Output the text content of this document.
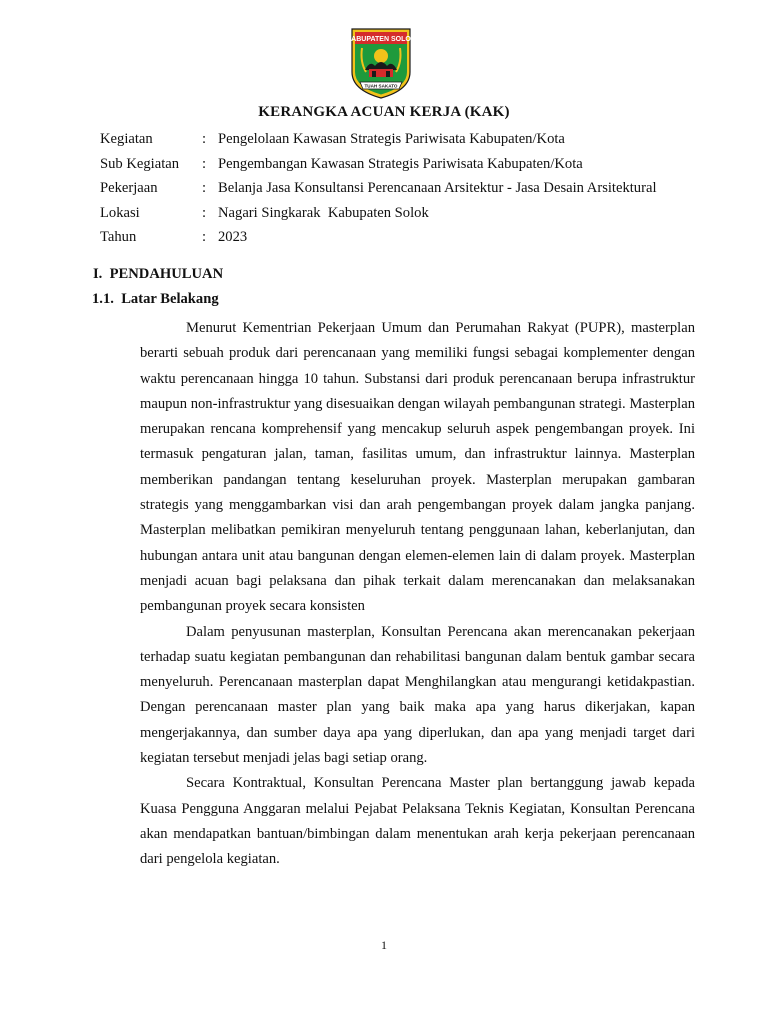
KABUPATEN SOLOK
TUAH SAKATO
KERANGKA ACUAN KERJA (KAK)
Kegiatan	: Pengelolaan Kawasan Strategis Pariwisata Kabupaten/Kota
Sub Kegiatan : Pengembangan Kawasan Strategis Pariwisata Kabupaten/Kota
Pekerjaan	: Belanja Jasa Konsultansi Perencanaan Arsitektur - Jasa Desain Arsitektural
Lokasi	: Nagari Singkarak  Kabupaten Solok
Tahun	: 2023
I.  PENDAHULUAN
1.1.  Latar Belakang

Menurut Kementrian Pekerjaan Umum dan Perumahan Rakyat (PUPR), masterplan berarti sebuah produk dari perencanaan yang memiliki fungsi sebagai komplementer dengan waktu perencanaan hingga 10 tahun. Substansi dari produk perencanaan berupa infrastruktur maupun non-infrastruktur yang disesuaikan dengan wilayah pembangunan strategi. Masterplan merupakan rencana komprehensif yang mencakup seluruh aspek pengembangan proyek. Ini termasuk pengaturan jalan, taman, fasilitas umum, dan infrastruktur lainnya. Masterplan memberikan pandangan tentang keseluruhan proyek. Masterplan merupakan gambaran strategis yang menggambarkan visi dan arah pengembangan proyek dalam jangka panjang. Masterplan melibatkan pemikiran menyeluruh tentang penggunaan lahan, keberlanjutan, dan hubungan antara unit atau bangunan dengan elemen-elemen lain di dalam proyek. Masterplan menjadi acuan bagi pelaksana dan pihak terkait dalam merencanakan dan melaksanakan pembangunan proyek secara konsisten

Dalam penyusunan masterplan, Konsultan Perencana akan merencanakan pekerjaan terhadap suatu kegiatan pembangunan dan rehabilitasi bangunan dalam bentuk gambar secara menyeluruh. Perencanaan masterplan dapat Menghilangkan atau mengurangi ketidakpastian. Dengan perencanaan master plan yang baik maka apa yang harus dikerjakan, kapan mengerjakannya, dan sumber daya apa yang diperlukan, dan apa yang menjadi target dari kegiatan tersebut menjadi jelas bagi setiap orang.

Secara Kontraktual, Konsultan Perencana Master plan bertanggung jawab kepada Kuasa Pengguna Anggaran melalui Pejabat Pelaksana Teknis Kegiatan, Konsultan Perencana akan mendapatkan bantuan/bimbingan dalam menentukan arah kerja pekerjaan perencanaan dari pengelola kegiatan.

1
